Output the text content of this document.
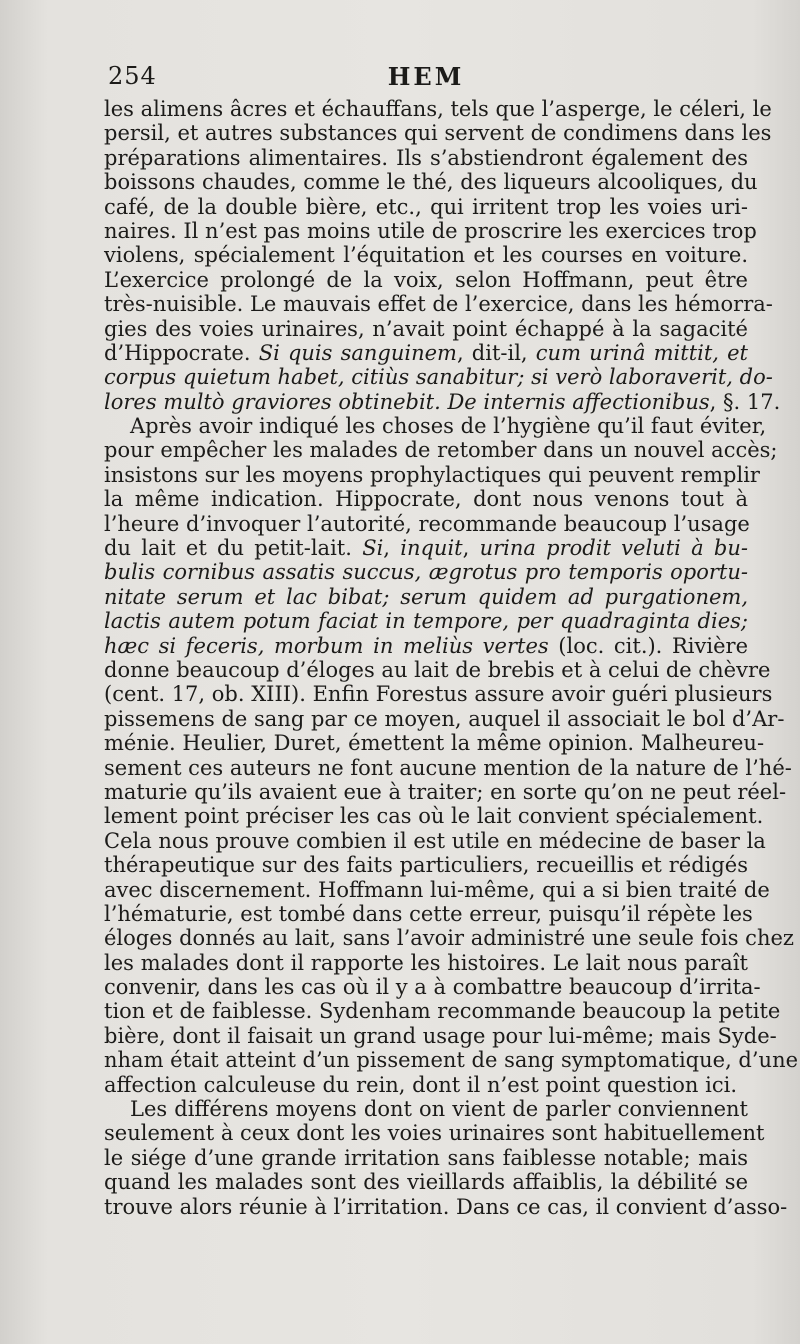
254	HEM
les alimens âcres et échauffans, tels que l’asperge, le céleri, le
persil, et autres substances qui servent de condimens dans les
préparations alimentaires. Ils s’abstiendront également des
boissons chaudes, comme le thé, des liqueurs alcooliques, du
café, de la double bière, etc., qui irritent trop les voies uri-
naires. Il n’est pas moins utile de proscrire les exercices trop
violens, spécialement l’équitation et les courses en voiture.
L’exercice prolongé de la voix, selon Hoffmann, peut être
très-nuisible. Le mauvais effet de l’exercice, dans les hémorra-
gies des voies urinaires, n’avait point échappé à la sagacité
d’Hippocrate. Si quis sanguinem, dit-il, cum urinâ mittit, et
corpus quietum habet, citiùs sanabitur; si verò laboraverit, do-
lores multò graviores obtinebit. De internis affectionibus, §. 17.
Après avoir indiqué les choses de l’hygiène qu’il faut éviter,
pour empêcher les malades de retomber dans un nouvel accès;
insistons sur les moyens prophylactiques qui peuvent remplir
la même indication. Hippocrate, dont nous venons tout à
l’heure d’invoquer l’autorité, recommande beaucoup l’usage
du lait et du petit-lait. Si, inquit, urina prodit veluti à bu-
bulis cornibus assatis succus, ægrotus pro temporis oportu-
nitate serum et lac bibat; serum quidem ad purgationem,
lactis autem potum faciat in tempore, per quadraginta dies;
hæc si feceris, morbum in meliùs vertes (loc. cit.). Rivière
donne beaucoup d’éloges au lait de brebis et à celui de chèvre
(cent. 17, ob. XIII). Enfin Forestus assure avoir guéri plusieurs
pissemens de sang par ce moyen, auquel il associait le bol d’Ar-
ménie. Heulier, Duret, émettent la même opinion. Malheureu-
sement ces auteurs ne font aucune mention de la nature de l’hé-
maturie qu’ils avaient eue à traiter; en sorte qu’on ne peut réel-
lement point préciser les cas où le lait convient spécialement.
Cela nous prouve combien il est utile en médecine de baser la
thérapeutique sur des faits particuliers, recueillis et rédigés
avec discernement. Hoffmann lui-même, qui a si bien traité de
l’hématurie, est tombé dans cette erreur, puisqu’il répète les
éloges donnés au lait, sans l’avoir administré une seule fois chez
les malades dont il rapporte les histoires. Le lait nous paraît
convenir, dans les cas où il y a à combattre beaucoup d’irrita-
tion et de faiblesse. Sydenham recommande beaucoup la petite
bière, dont il faisait un grand usage pour lui-même; mais Syde-
nham était atteint d’un pissement de sang symptomatique, d’une
affection calculeuse du rein, dont il n’est point question ici.
Les différens moyens dont on vient de parler conviennent
seulement à ceux dont les voies urinaires sont habituellement
le siége d’une grande irritation sans faiblesse notable; mais
quand les malades sont des vieillards affaiblis, la débilité se
trouve alors réunie à l’irritation. Dans ce cas, il convient d’asso-
